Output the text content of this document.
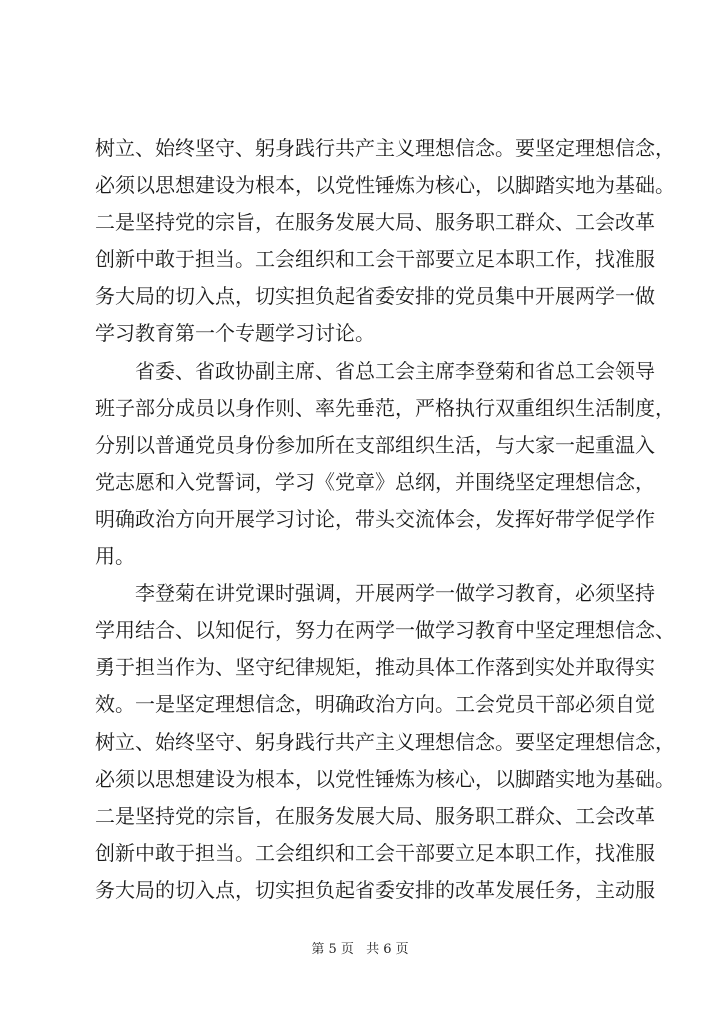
树立、始终坚守、躬身践行共产主义理想信念。要坚定理想信念，
必须以思想建设为根本，以党性锤炼为核心，以脚踏实地为基础。
二是坚持党的宗旨，在服务发展大局、服务职工群众、工会改革
创新中敢于担当。工会组织和工会干部要立足本职工作，找准服
务大局的切入点，切实担负起省委安排的党员集中开展两学一做
学习教育第一个专题学习讨论。
　　省委、省政协副主席、省总工会主席李登菊和省总工会领导
班子部分成员以身作则、率先垂范，严格执行双重组织生活制度，
分别以普通党员身份参加所在支部组织生活，与大家一起重温入
党志愿和入党誓词，学习《党章》总纲，并围绕坚定理想信念，
明确政治方向开展学习讨论，带头交流体会，发挥好带学促学作
用。
　　李登菊在讲党课时强调，开展两学一做学习教育，必须坚持
学用结合、以知促行，努力在两学一做学习教育中坚定理想信念、
勇于担当作为、坚守纪律规矩，推动具体工作落到实处并取得实
效。一是坚定理想信念，明确政治方向。工会党员干部必须自觉
树立、始终坚守、躬身践行共产主义理想信念。要坚定理想信念，
必须以思想建设为根本，以党性锤炼为核心，以脚踏实地为基础。
二是坚持党的宗旨，在服务发展大局、服务职工群众、工会改革
创新中敢于担当。工会组织和工会干部要立足本职工作，找准服
务大局的切入点，切实担负起省委安排的改革发展任务，主动服
第 5 页 共 6 页
